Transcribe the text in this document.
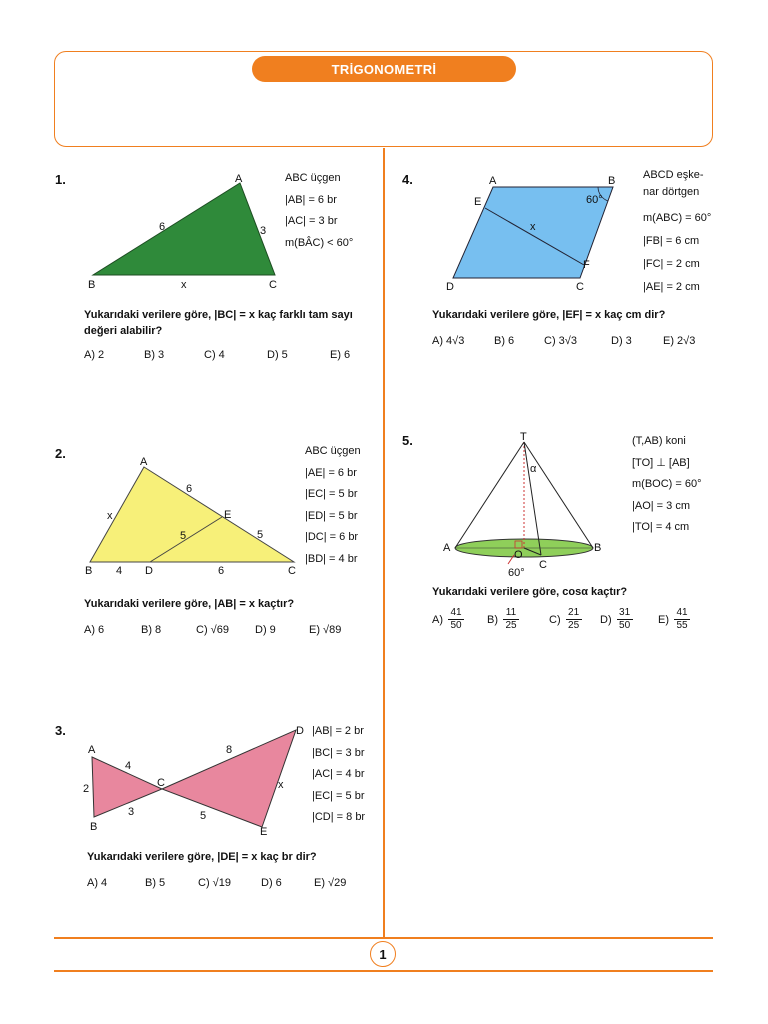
TRİGONOMETRİ
1
1.	A
B	C
6	3
x
ABC üçgen
|AB| = 6 br
|AC| = 3 br
m(BÂC) < 60°
Yukarıdaki verilere göre, |BC| = x kaç farklı tam sayı değeri alabilir?
A) 2	B) 3	C) 4	D) 5	E) 6
2.
A
B	C
D
E
6
5
5
6
4
x
ABC üçgen
|AE| = 6 br
|EC| = 5 br
|ED| = 5 br
|DC| = 6 br
|BD| = 4 br
Yukarıdaki verilere göre, |AB| = x kaçtır?
A) 6	B) 8	C) √69 D) 9	E) √89
3.
A
B
C
D
E
2
4
3
8
5
x
|AB| = 2 br
|BC| = 3 br
|AC| = 4 br
|EC| = 5 br
|CD| = 8 br
Yukarıdaki verilere göre, |DE| = x kaç br dir?
A) 4	B) 5	C) √19	D) 6	E) √29
4.	A	B
C
D
E
F
60°
x
ABCD eşke-
nar dörtgen
m(ABC) = 60°
|FB| = 6 cm
|FC| = 2 cm
|AE| = 2 cm
Yukarıdaki verilere göre, |EF| = x kaç cm dir?
A) 4√3	B) 6	C) 3√3	D) 3	E) 2√3
5.	T
A	B
O
C
α
60°
(T,AB) koni
[TO] ⊥ [AB]
m(BOC) = 60°
|AO| = 3 cm
|TO| = 4 cm
Yukarıdaki verilere göre, cosα kaçtır?
$A) \frac{41}{50} B) \frac{11}{25}$	$C) \frac{21}{25} D) \frac{31}{50} E) \frac{41}{55}$
